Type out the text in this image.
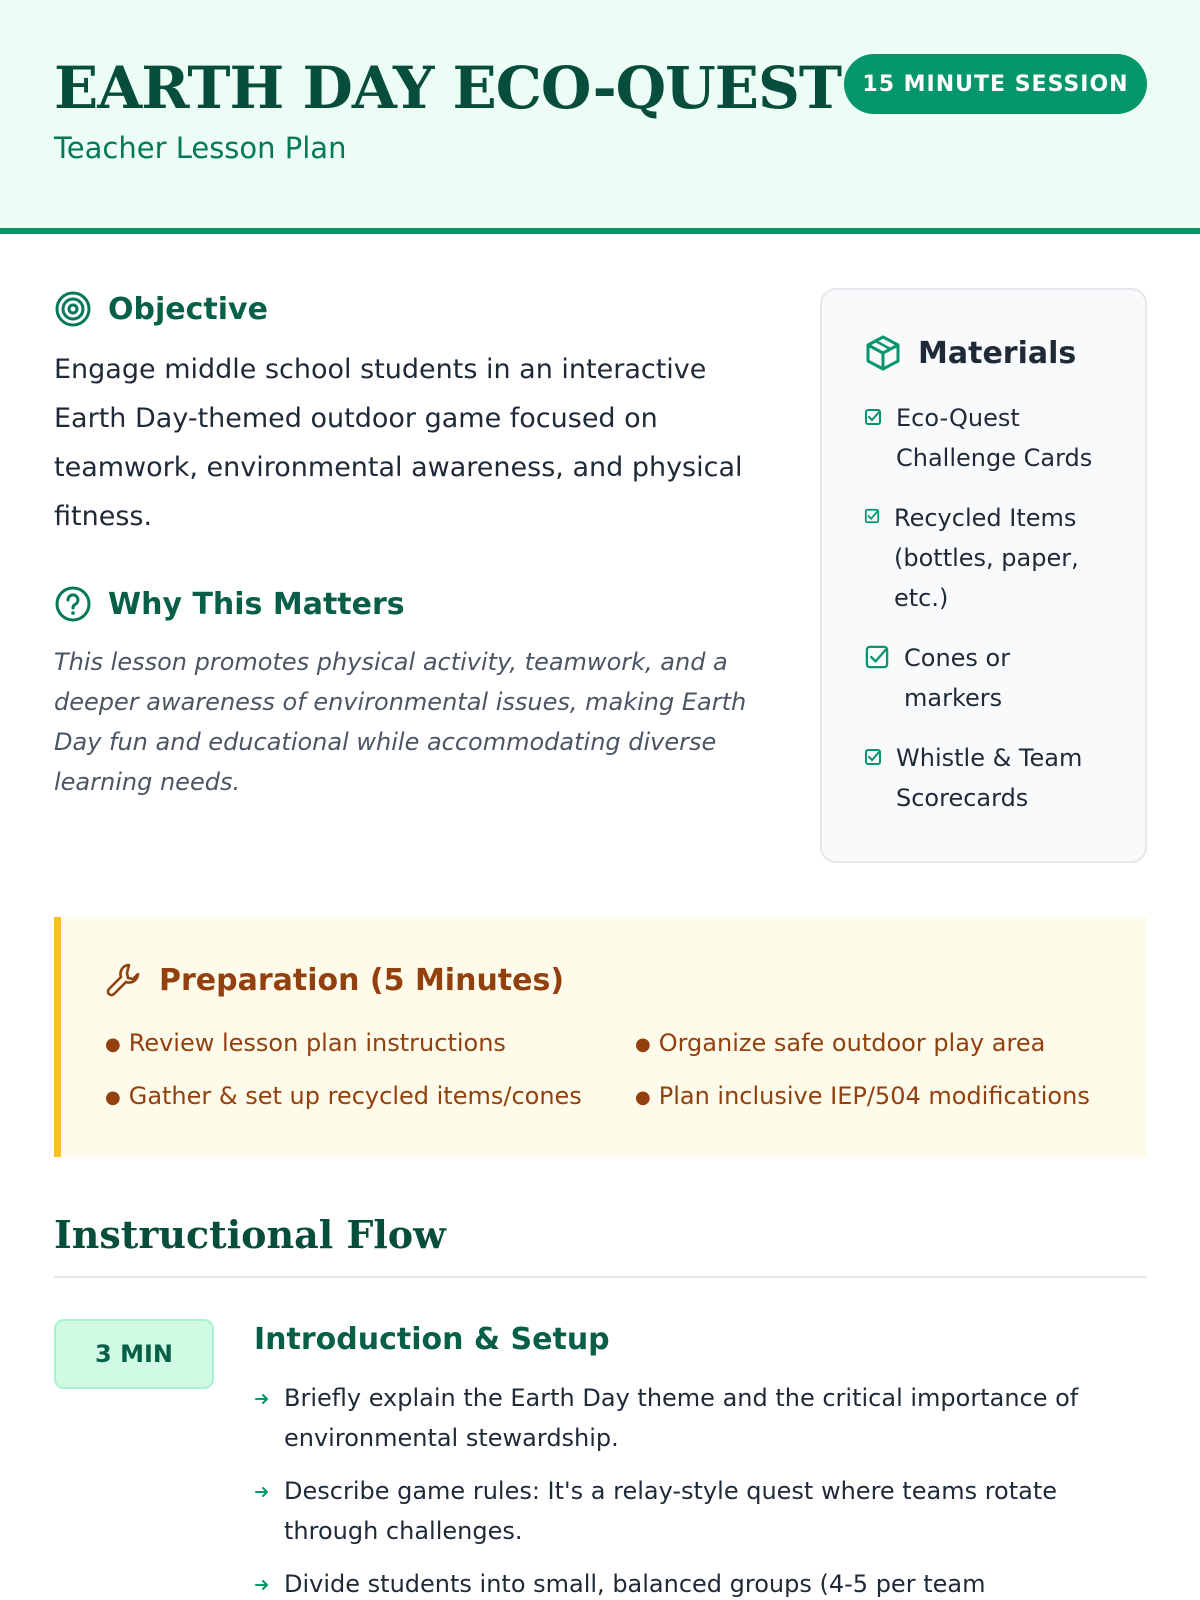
EARTH DAY ECO-QUEST
Teacher Lesson Plan
15 MINUTE SESSION
Objective

Engage middle school students in an interactive Earth Day-themed outdoor game focused on teamwork, environmental awareness, and physical fitness.

Why This Matters

This lesson promotes physical activity, teamwork, and a deeper awareness of environmental issues, making Earth Day fun and educational while accommodating diverse learning needs.

Materials
Eco-Quest Challenge Cards
Recycled Items (bottles, paper, etc.)
Cones or markers
Whistle & Team Scorecards
Preparation (5 Minutes)
● Review lesson plan instructions	● Organize safe outdoor play area
● Gather & set up recycled items/cones	● Plan inclusive IEP/504 modifications
Instructional Flow
3 MIN	Introduction & Setup
Briefly explain the Earth Day theme and the critical importance of environmental stewardship.
Describe game rules: It's a relay-style quest where teams rotate through challenges.
Divide students into small, balanced groups (4-5 per team
